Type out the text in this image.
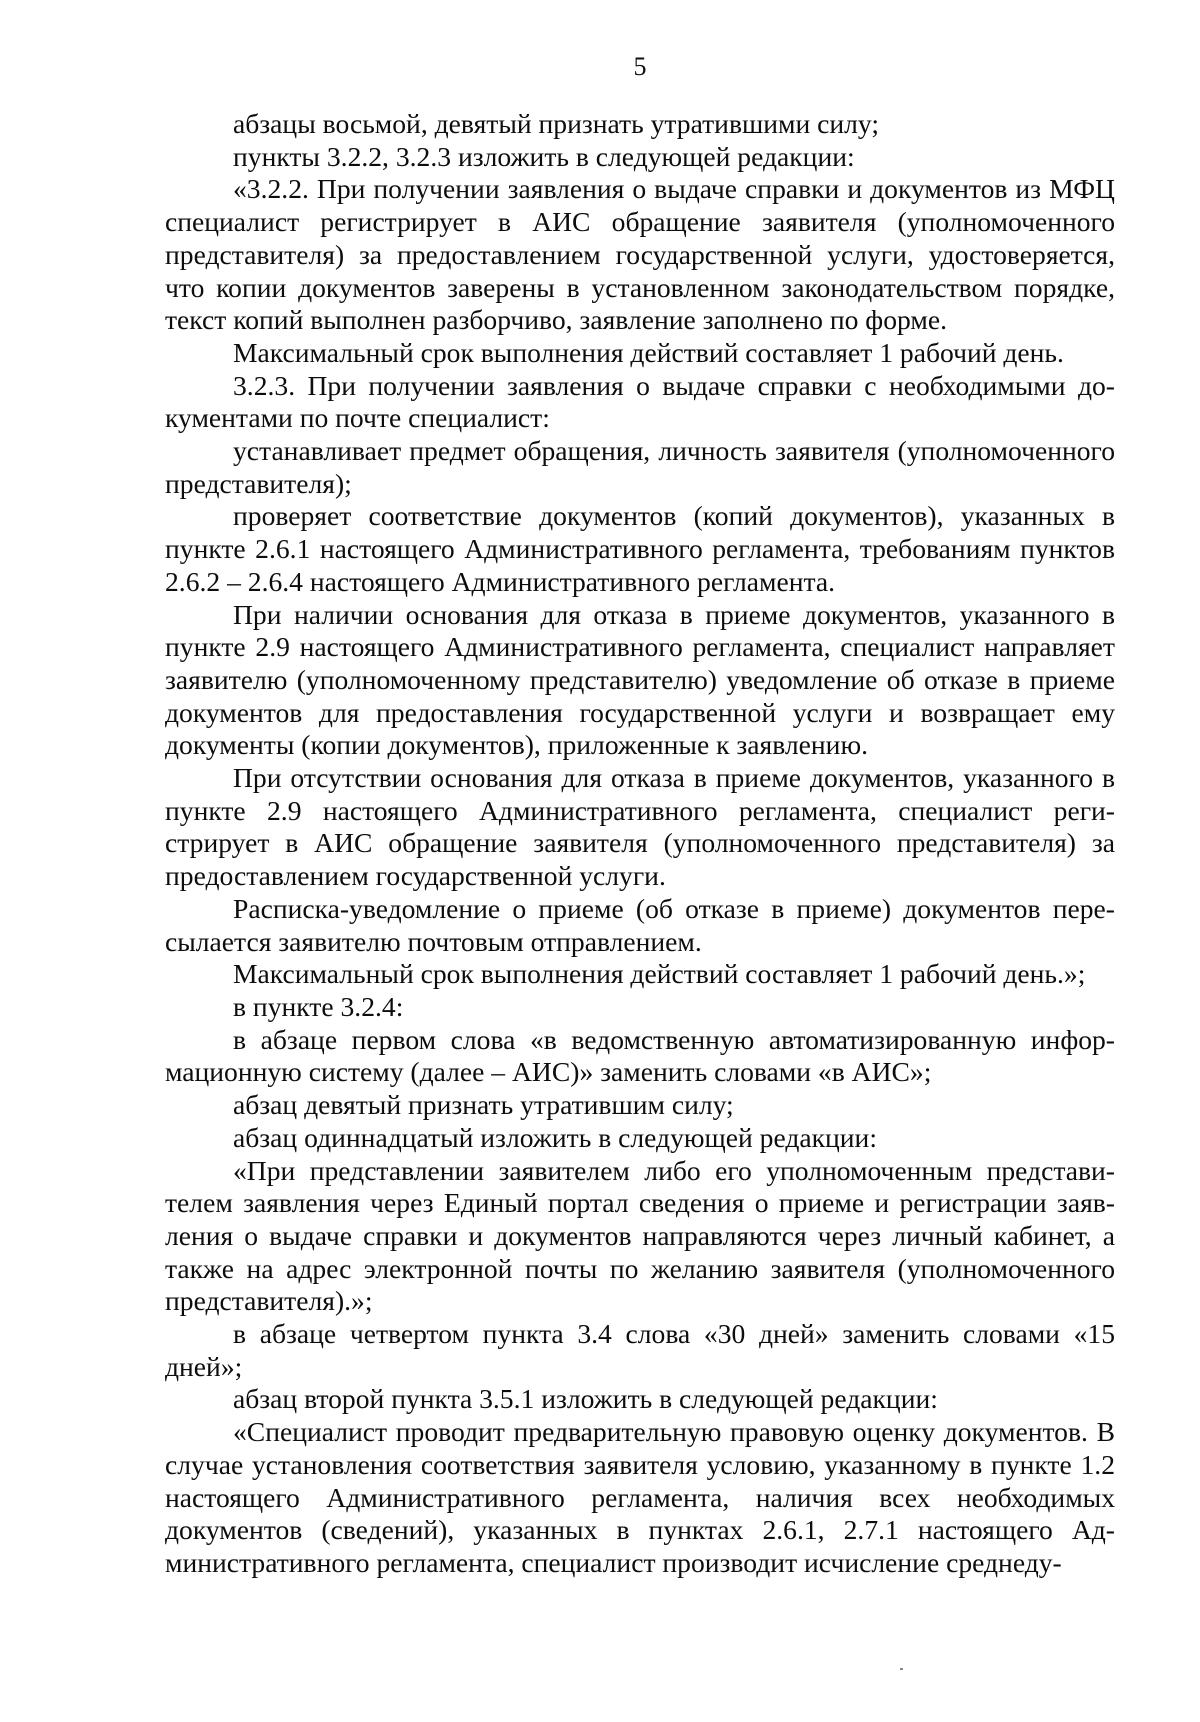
5

абзацы восьмой, девятый признать утратившими силу;

пункты 3.2.2, 3.2.3 изложить в следующей редакции:

«3.2.2. При получении заявления о выдаче справки и документов из МФЦ специалист регистрирует в АИС обращение заявителя (уполномоченного представителя) за предоставлением государственной услуги, удостоверяется, что копии документов заверены в установленном законодательством порядке, текст копий выполнен разборчиво, заявление заполнено по форме.

Максимальный срок выполнения действий составляет 1 рабочий день.

3.2.3. При получении заявления о выдаче справки с необходимыми документами по почте специалист:

устанавливает предмет обращения, личность заявителя (уполномоченного представителя);

проверяет соответствие документов (копий документов), указанных в пункте 2.6.1 настоящего Административного регламента, требованиям пунктов 2.6.2 – 2.6.4 настоящего Административного регламента.

При наличии основания для отказа в приеме документов, указанного в пункте 2.9 настоящего Административного регламента, специалист направляет заявителю (уполномоченному представителю) уведомление об отказе в приеме документов для предоставления государственной услуги и возвращает ему документы (копии документов), приложенные к заявлению.

При отсутствии основания для отказа в приеме документов, указанного в пункте 2.9 настоящего Административного регламента, специалист регистрирует в АИС обращение заявителя (уполномоченного представителя) за предоставлением государственной услуги.

Расписка-уведомление о приеме (об отказе в приеме) документов пересылается заявителю почтовым отправлением.

Максимальный срок выполнения действий составляет 1 рабочий день.»;

в пункте 3.2.4:

в абзаце первом слова «в ведомственную автоматизированную информационную систему (далее – АИС)» заменить словами «в АИС»;

абзац девятый признать утратившим силу;

абзац одиннадцатый изложить в следующей редакции:

«При представлении заявителем либо его уполномоченным представителем заявления через Единый портал сведения о приеме и регистрации заявления о выдаче справки и документов направляются через личный кабинет, а также на адрес электронной почты по желанию заявителя (уполномоченного представителя).»;

в абзаце четвертом пункта 3.4 слова «30 дней» заменить словами «15 дней»;

абзац второй пункта 3.5.1 изложить в следующей редакции:

«Специалист проводит предварительную правовую оценку документов. В случае установления соответствия заявителя условию, указанному в пункте 1.2 настоящего Административного регламента, наличия всех необходимых документов (сведений), указанных в пунктах 2.6.1, 2.7.1 настоящего Административного регламента, специалист производит исчисление среднеду-
